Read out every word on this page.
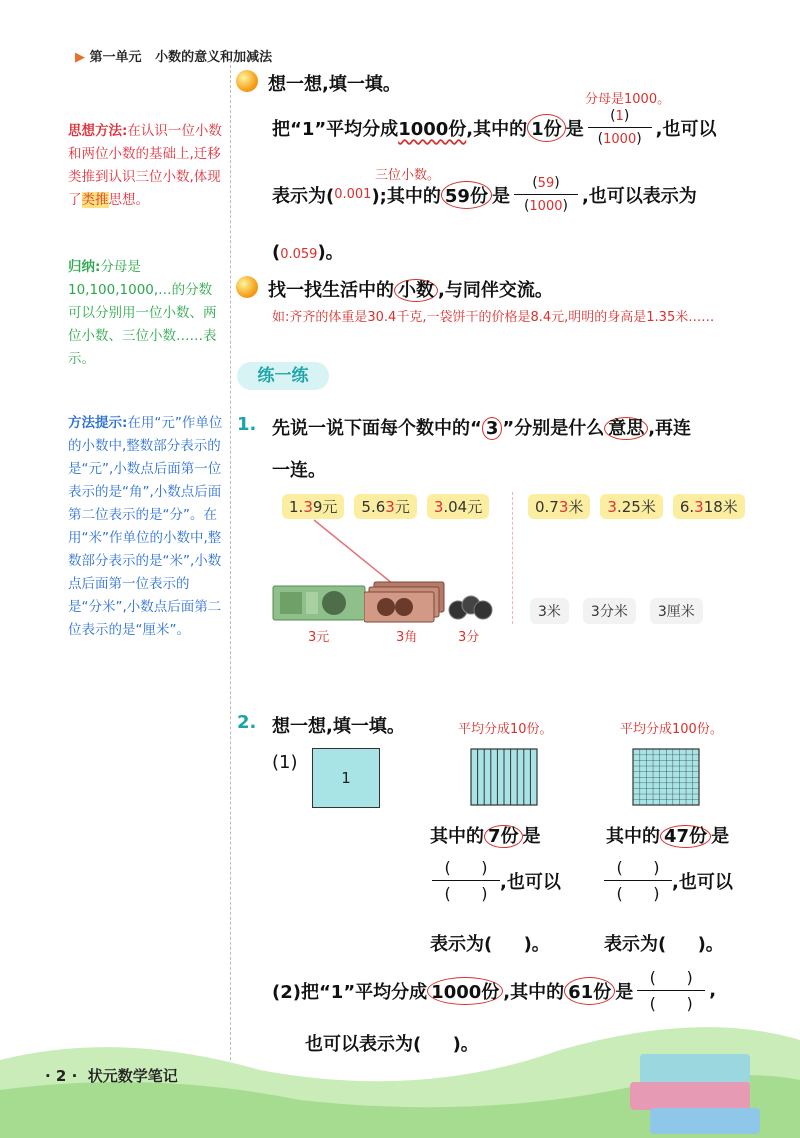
▶ 第一单元 小数的意义和加减法
思想方法:在认识一位小数和两位小数的基础上,迁移类推到认识三位小数,体现了类推思想。
归纳:分母是10,100,1000,…的分数可以分别用一位小数、两位小数、三位小数……表示。
方法提示:在用“元”作单位的小数中,整数部分表示的是“元”,小数点后面第一位表示的是“角”,小数点后面第二位表示的是“分”。在用“米”作单位的小数中,整数部分表示的是“米”,小数点后面第一位表示的是“分米”,小数点后面第二位表示的是“厘米”。
想一想,填一填。
分母是1000。
把“1”平均分成 1000份 ,其中的 1份 是 $\frac{(1)}{(1000)}$ ,也可以
三位小数。
表示为( 0.001 );其中的 59份 是 $\frac{(59)}{(1000)}$ ,也可以表示为
(0.059)。
找一找生活中的 小数 ,与同伴交流。
如:齐齐的体重是30.4千克,一袋饼干的价格是8.4元,明明的身高是1.35米……
练一练
1. 先说一说下面每个数中的“ 3 ”分别是什么 意思 ,再连
一连。
1.39元	5.63元	3.04元	0.73米	3.25米	6.318米
3元	3角	3分
3米	3分米	3厘米
2. 想一想,填一填。	平均分成10份。	平均分成100份。
(1)
1
其中的 7份 是	其中的 47份 是
$\frac{( )}{( )}$ ,也可以	$\frac{( )}{( )}$ ,也可以
表示为( )。	表示为( )。
(2)把“1”平均分成 1000份 ,其中的 61份 是 $\frac{( )}{( )}$ ,
也可以表示为( )。
· 2 · 状元数学笔记
